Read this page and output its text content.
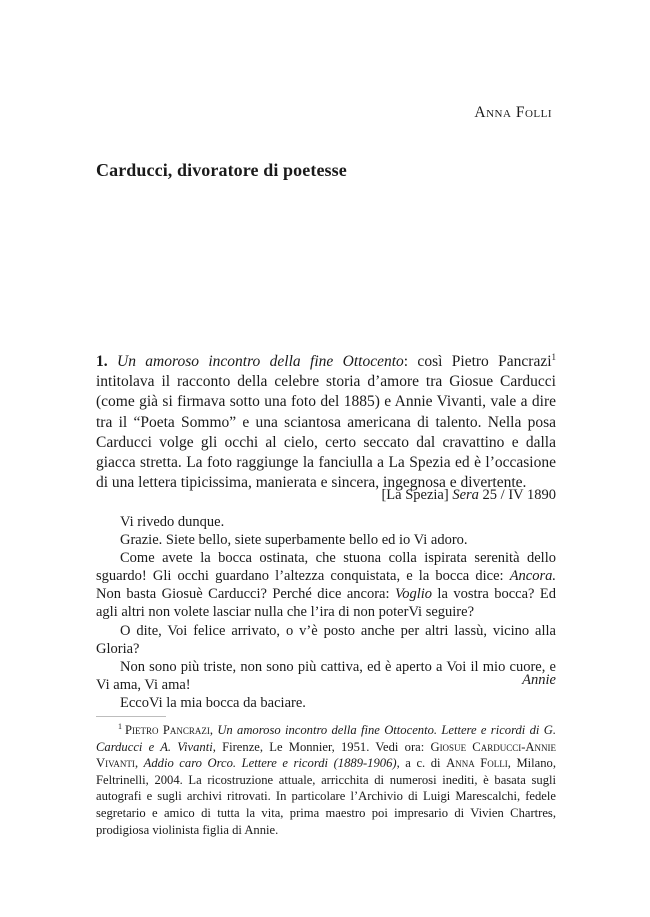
Anna Folli
Carducci, divoratore di poetesse

1. Un amoroso incontro della fine Ottocento: così Pietro Pancrazi$^1$ intitolava il racconto della celebre storia d’amore tra Giosue Carducci (come già si firmava sotto una foto del 1885) e Annie Vivanti, vale a dire tra il “Poeta Sommo” e una sciantosa americana di talento. Nella posa Carducci volge gli occhi al cielo, certo seccato dal cravattino e dalla giacca stretta. La foto raggiunge la fanciulla a La Spezia ed è l’occasione di una lettera tipicissima, manierata e sincera, ingegnosa e divertente.

[La Spezia] Sera 25 / IV 1890

Vi rivedo dunque.

Grazie. Siete bello, siete superbamente bello ed io Vi adoro.

Come avete la bocca ostinata, che stuona colla ispirata serenità dello sguardo! Gli occhi guardano l’altezza conquistata, e la bocca dice: Ancora. Non basta Giosuè Carducci? Perché dice ancora: Voglio la vostra bocca? Ed agli altri non volete lasciar nulla che l’ira di non poterVi seguire?

O dite, Voi felice arrivato, o v’è posto anche per altri lassù, vicino alla Gloria?

Non sono più triste, non sono più cattiva, ed è aperto a Voi il mio cuore, e Vi ama, Vi ama!

EccoVi la mia bocca da baciare.

Annie

$^1$ Pietro Pancrazi, Un amoroso incontro della fine Ottocento. Lettere e ricordi di G. Carducci e A. Vivanti, Firenze, Le Monnier, 1951. Vedi ora: Giosue Carducci-Annie Vivanti, Addio caro Orco. Lettere e ricordi (1889-1906), a c. di Anna Folli, Milano, Feltrinelli, 2004. La ricostruzione attuale, arricchita di numerosi inediti, è basata sugli autografi e sugli archivi ritrovati. In particolare l’Archivio di Luigi Marescalchi, fedele segretario e amico di tutta la vita, prima maestro poi impresario di Vivien Chartres, prodigiosa violinista figlia di Annie.
